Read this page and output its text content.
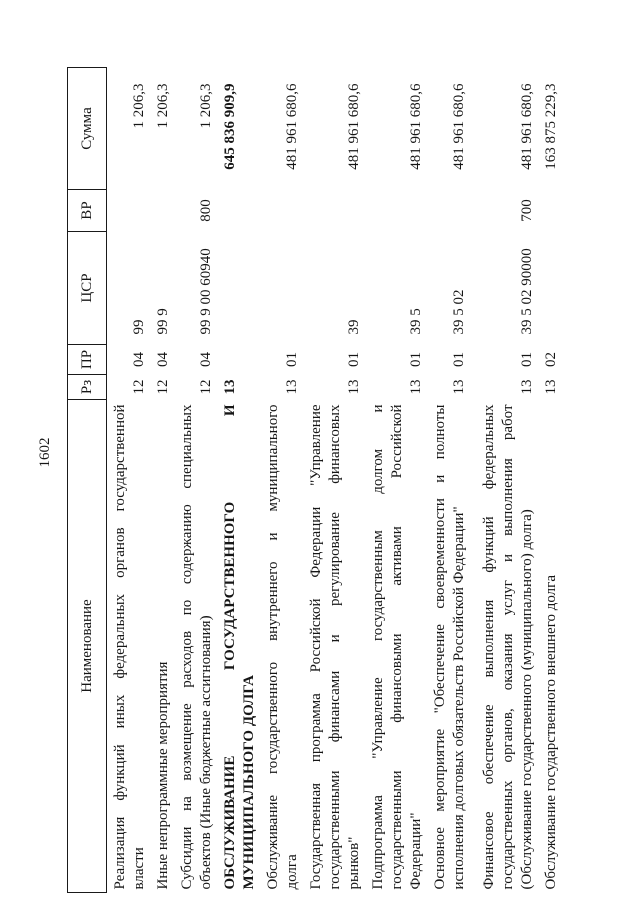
1602
Наименование	Рз	ПР	ЦСР	ВР	Сумма

Реализация функций иных федеральных органов государственной власти	12	04	99		1 206,3

Иные непрограммные мероприятия	12	04	99 9		1 206,3

Субсидии на возмещение расходов по содержанию специальных объектов (Иные бюджетные ассигнования)	12	04	99 9 00 60940	800	1 206,3

ОБСЛУЖИВАНИЕ ГОСУДАРСТВЕННОГО И МУНИЦИПАЛЬНОГО ДОЛГА	13				645 836 909,9

Обслуживание государственного внутреннего и муниципального долга	13	01			481 961 680,6

Государственная программа Российской Федерации "Управление государственными финансами и регулирование финансовых рынков"	13	01	39		481 961 680,6

Подпрограмма "Управление государственным долгом и государственными финансовыми активами Российской Федерации"	13	01	39 5		481 961 680,6

Основное мероприятие "Обеспечение своевременности и полноты исполнения долговых обязательств Российской Федерации"	13	01	39 5 02		481 961 680,6

Финансовое обеспечение выполнения функций федеральных государственных органов, оказания услуг и выполнения работ (Обслуживание государственного (муниципального) долга)	13	01	39 5 02 90000	700	481 961 680,6

Обслуживание государственного внешнего долга	13	02			163 875 229,3
